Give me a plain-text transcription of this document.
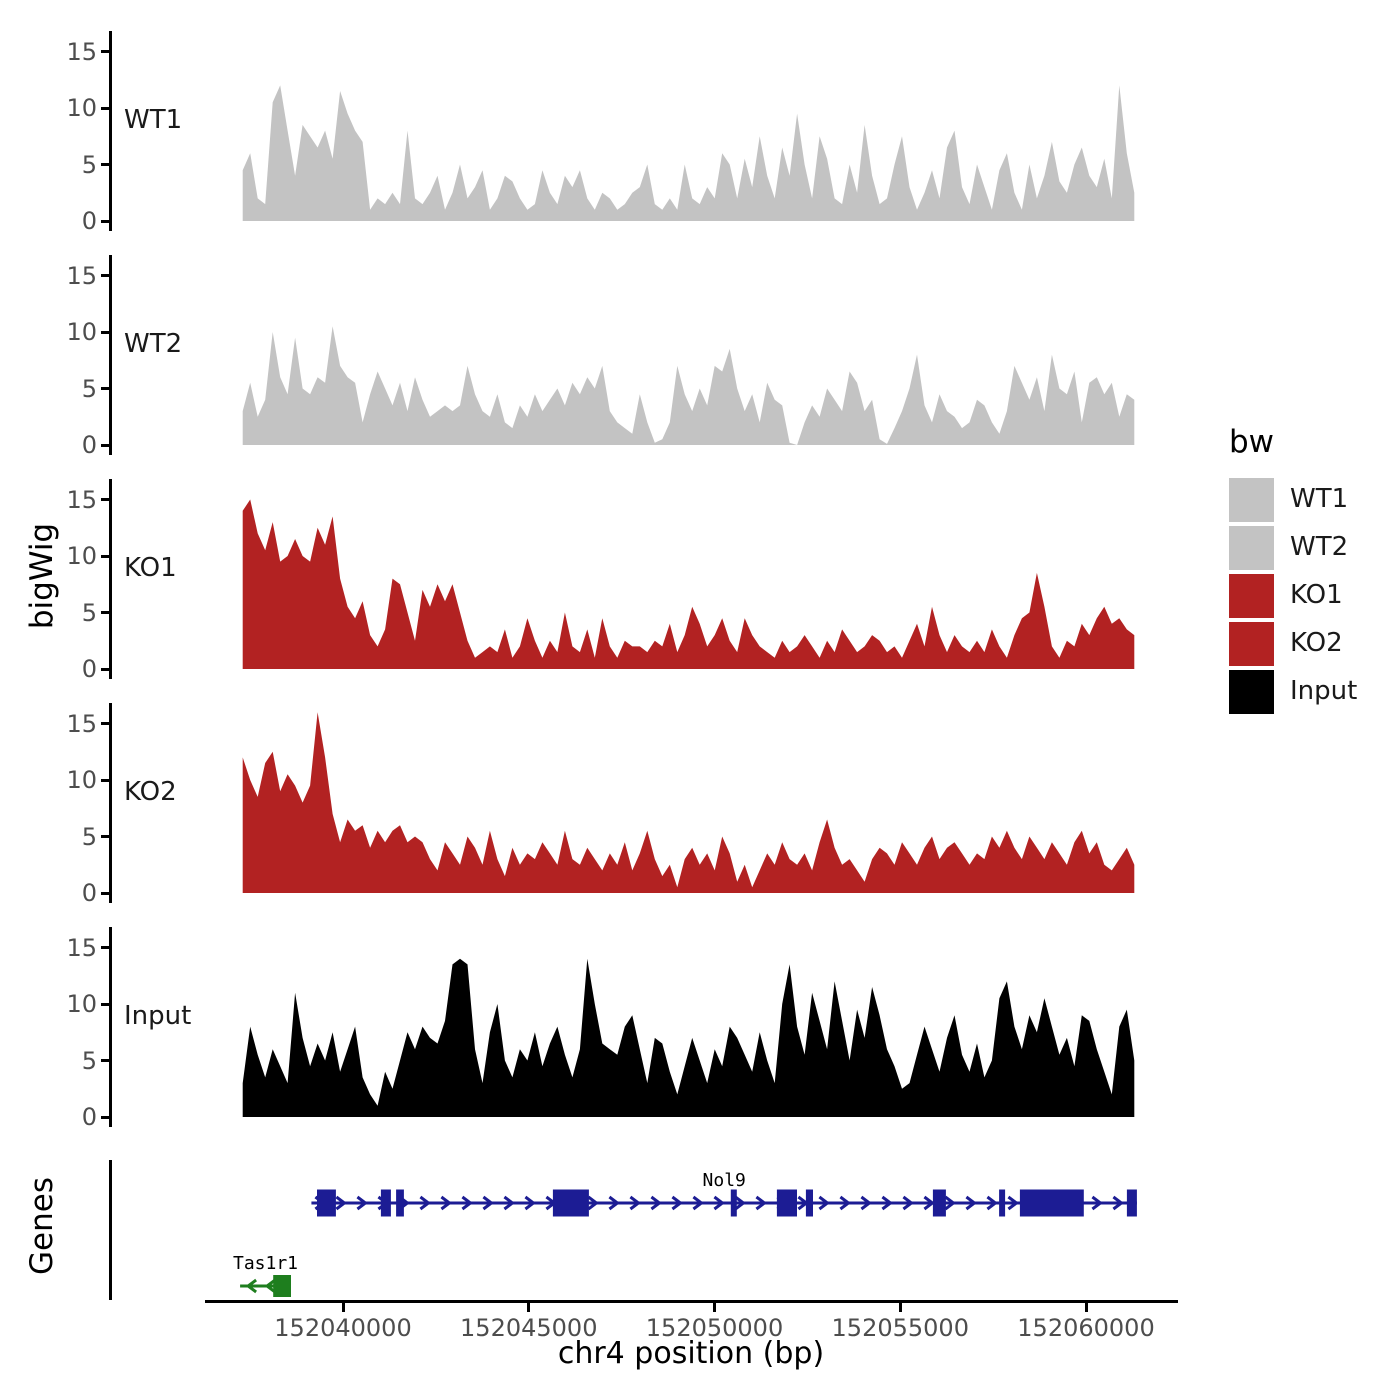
bigWig
Genes
0
5
10
15
WT1
0
5
10
15
WT2
0
5
10
15
KO1
0
5
10
15
KO2
0
5
10
15
Input
Nol9
Tas1r1
152040000	152045000	152050000	152055000	152060000
chr4 position (bp)
bw
WT1
WT2
KO1
KO2
Input
